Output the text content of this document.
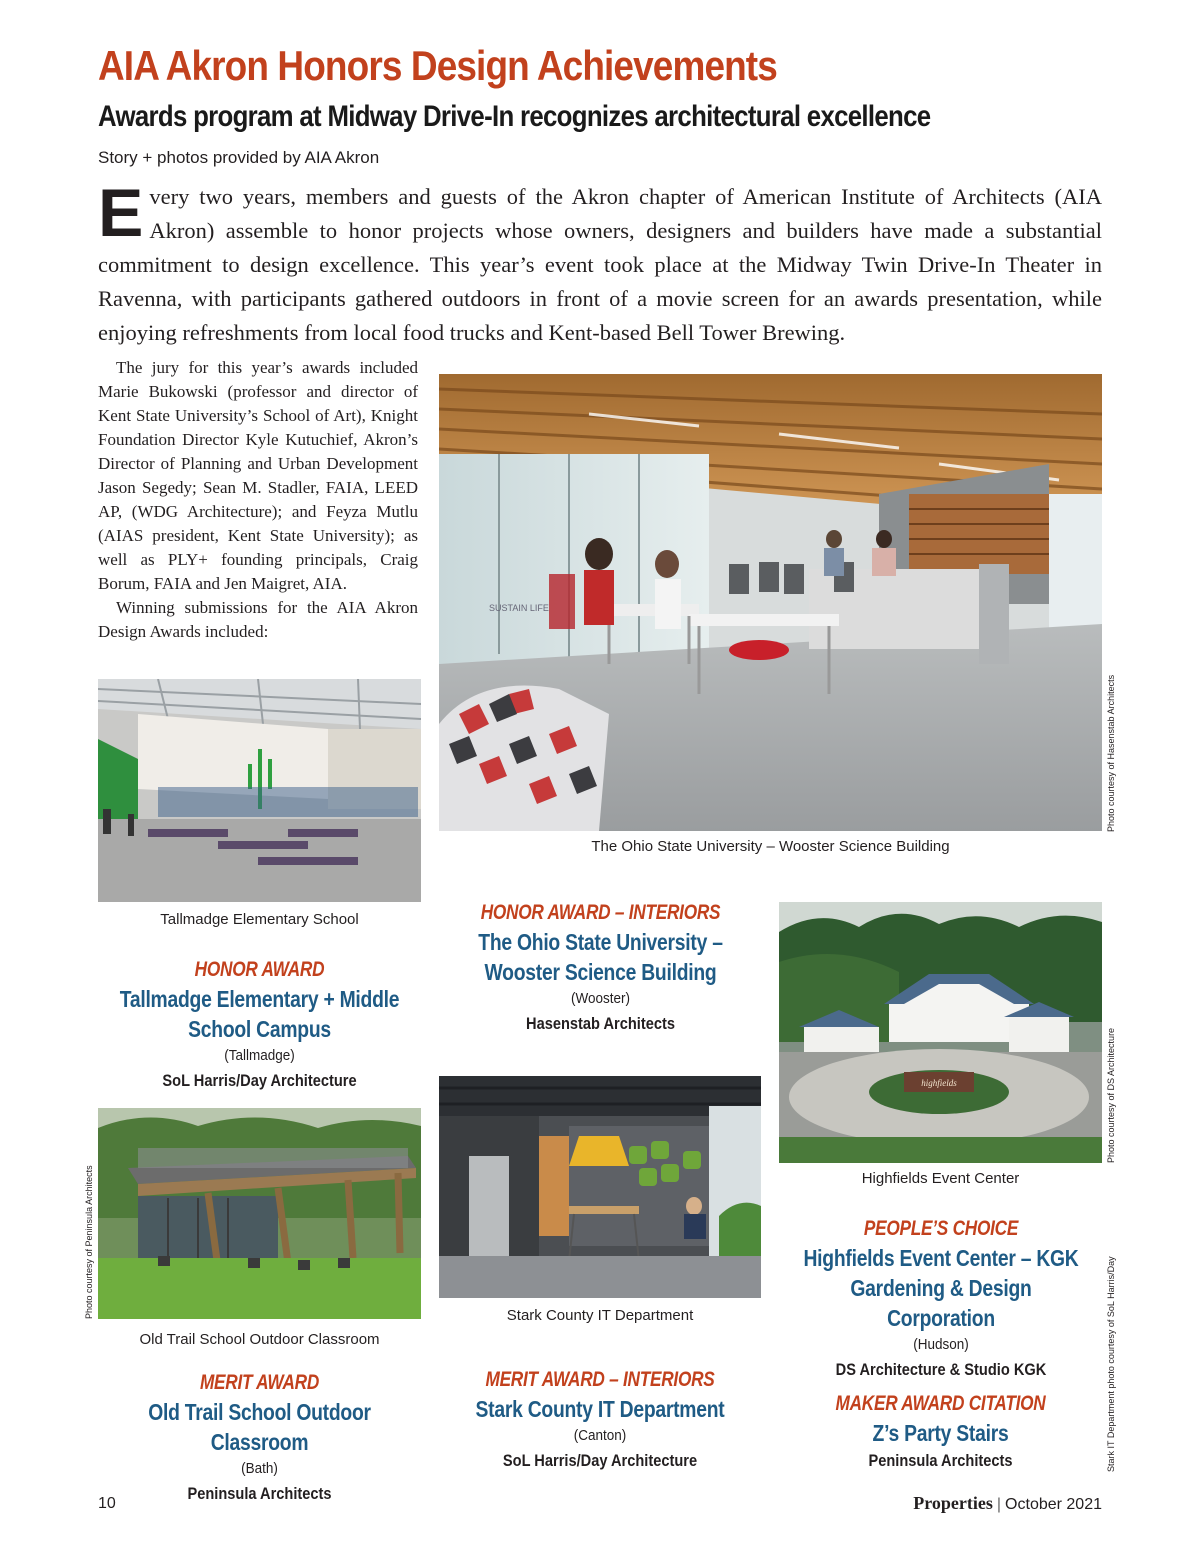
AIA Akron Honors Design Achievements
Awards program at Midway Drive-In recognizes architectural excellence
Story + photos provided by AIA Akron
Every two years, members and guests of the Akron chapter of American Institute of Architects (AIA Akron) assemble to honor projects whose owners, designers and builders have made a substantial commitment to design excellence. This year’s event took place at the Midway Twin Drive-In Theater in Ravenna, with participants gathered outdoors in front of a movie screen for an awards presentation, while enjoying refreshments from local food trucks and Kent-based Bell Tower Brewing.

The jury for this year’s awards included Marie Bukowski (professor and director of Kent State University’s School of Art), Knight Foundation Director Kyle Kutuchief, Akron’s Director of Planning and Urban Development Jason Segedy; Sean M. Stadler, FAIA, LEED AP, (WDG Architecture); and Feyza Mutlu (AIAS president, Kent State University); as well as PLY+ founding principals, Craig Borum, FAIA and Jen Maigret, AIA.

Winning submissions for the AIA Akron Design Awards included:

SUSTAIN LIFE
Photo courtesy of Hasenstab Architects
The Ohio State University – Wooster Science Building
Tallmadge Elementary School
HONOR AWARD
Tallmadge Elementary + Middle School Campus
(Tallmadge)
SoL Harris/Day Architecture
HONOR AWARD – INTERIORS
The Ohio State University – Wooster Science Building
(Wooster)
Hasenstab Architects
highfields	Photo courtesy of DS Architecture
Highfields Event Center
PEOPLE’S CHOICE
Highfields Event Center – KGK Gardening & Design Corporation
(Hudson)
DS Architecture & Studio KGK
Photo courtesy of Peninsula Architects
Old Trail School Outdoor Classroom
MERIT AWARD
Old Trail School Outdoor Classroom
(Bath)
Peninsula Architects
Stark County IT Department
MERIT AWARD – INTERIORS
Stark County IT Department
(Canton)
SoL Harris/Day Architecture
MAKER AWARD CITATION
Z’s Party Stairs
Peninsula Architects	Stark IT Department photo courtesy of SoL Harris/Day
10	Properties | October 2021
